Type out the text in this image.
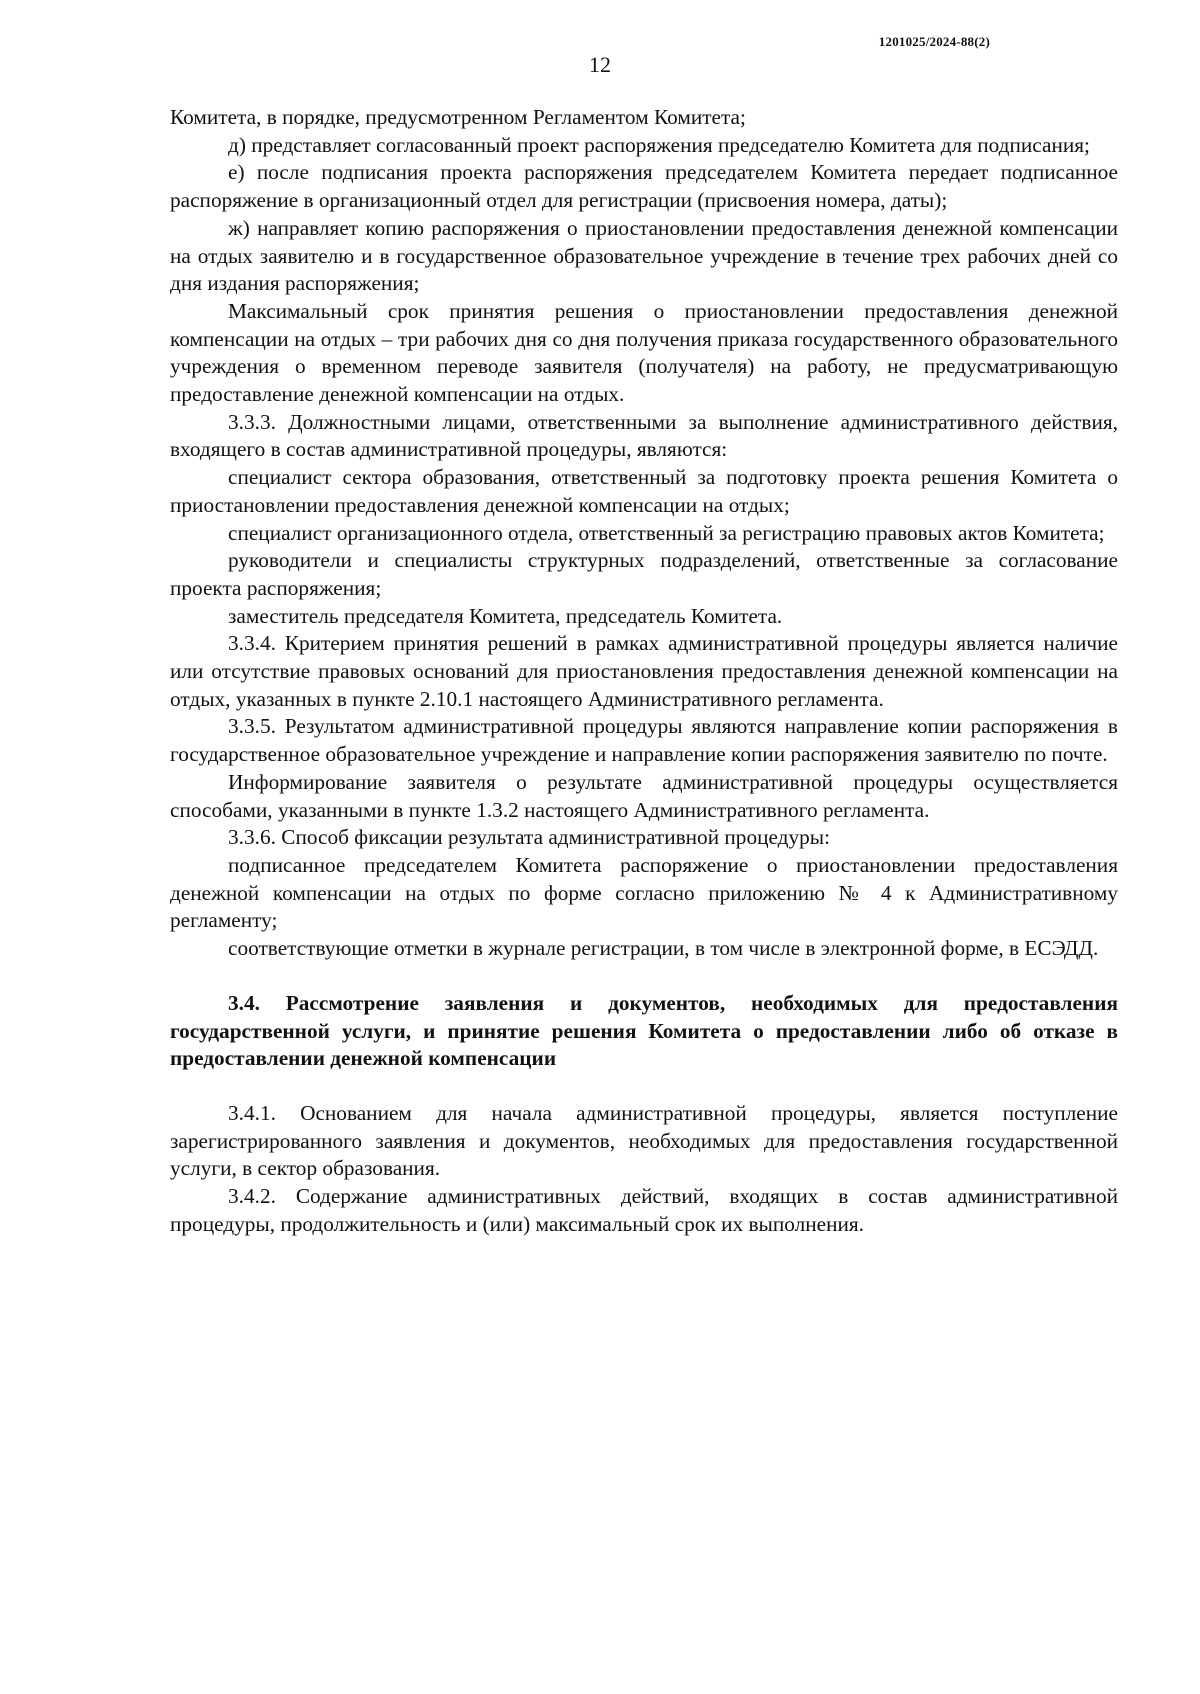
1201025/2024-88(2)
12

Комитета, в порядке, предусмотренном Регламентом Комитета;

д) представляет согласованный проект распоряжения председателю Комитета для подписания;

е) после подписания проекта распоряжения председателем Комитета передает подписанное распоряжение в организационный отдел для регистрации (присвоения номера, даты);

ж) направляет копию распоряжения о приостановлении предоставления денежной компенсации на отдых заявителю и в государственное образовательное учреждение в течение трех рабочих дней со дня издания распоряжения;

Максимальный срок принятия решения о приостановлении предоставления денежной компенсации на отдых – три рабочих дня со дня получения приказа государственного образовательного учреждения о временном переводе заявителя (получателя) на работу, не предусматривающую предоставление денежной компенсации на отдых.

3.3.3. Должностными лицами, ответственными за выполнение административного действия, входящего в состав административной процедуры, являются:

специалист сектора образования, ответственный за подготовку проекта решения Комитета о приостановлении предоставления денежной компенсации на отдых;

специалист организационного отдела, ответственный за регистрацию правовых актов Комитета;

руководители и специалисты структурных подразделений, ответственные за согласование проекта распоряжения;

заместитель председателя Комитета, председатель Комитета.

3.3.4. Критерием принятия решений в рамках административной процедуры является наличие или отсутствие правовых оснований для приостановления предоставления денежной компенсации на отдых, указанных в пункте 2.10.1 настоящего Административного регламента.

3.3.5. Результатом административной процедуры являются направление копии распоряжения в государственное образовательное учреждение и направление копии распоряжения заявителю по почте.

Информирование заявителя о результате административной процедуры осуществляется способами, указанными в пункте 1.3.2 настоящего Административного регламента.

3.3.6. Способ фиксации результата административной процедуры:

подписанное председателем Комитета распоряжение о приостановлении предоставления денежной компенсации на отдых по форме согласно приложению № 4 к Административному регламенту;

соответствующие отметки в журнале регистрации, в том числе в электронной форме, в ЕСЭДД.

3.4. Рассмотрение заявления и документов, необходимых для предоставления государственной услуги, и принятие решения Комитета о предоставлении либо об отказе в предоставлении денежной компенсации

3.4.1. Основанием для начала административной процедуры, является поступление зарегистрированного заявления и документов, необходимых для предоставления государственной услуги, в сектор образования.

3.4.2. Содержание административных действий, входящих в состав административной процедуры, продолжительность и (или) максимальный срок их выполнения.
